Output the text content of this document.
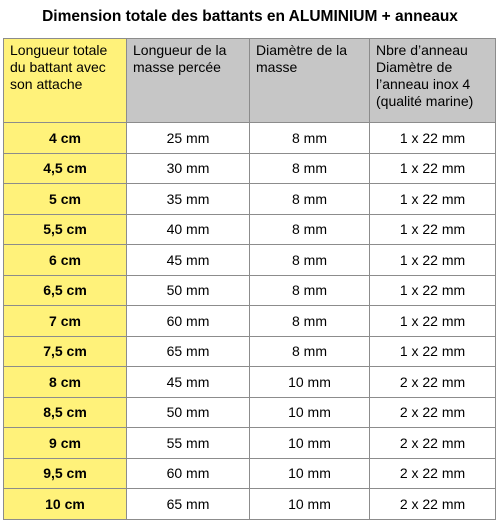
Dimension totale des battants en ALUMINIUM + anneaux
Longueur totale du battant avec son attache	Longueur de la masse percée	Diamètre de la masse	Nbre d’anneau Diamètre de l’anneau inox 4 (qualité marine)
4 cm	25 mm	8 mm	1 x 22 mm
4,5 cm	30 mm	8 mm	1 x 22 mm
5 cm	35 mm	8 mm	1 x 22 mm
5,5 cm	40 mm	8 mm	1 x 22 mm
6 cm	45 mm	8 mm	1 x 22 mm
6,5 cm	50 mm	8 mm	1 x 22 mm
7 cm	60 mm	8 mm	1 x 22 mm
7,5 cm	65 mm	8 mm	1 x 22 mm
8 cm	45 mm	10 mm	2 x 22 mm
8,5 cm	50 mm	10 mm	2 x 22 mm
9 cm	55 mm	10 mm	2 x 22 mm
9,5 cm	60 mm	10 mm	2 x 22 mm
10 cm	65 mm	10 mm	2 x 22 mm
